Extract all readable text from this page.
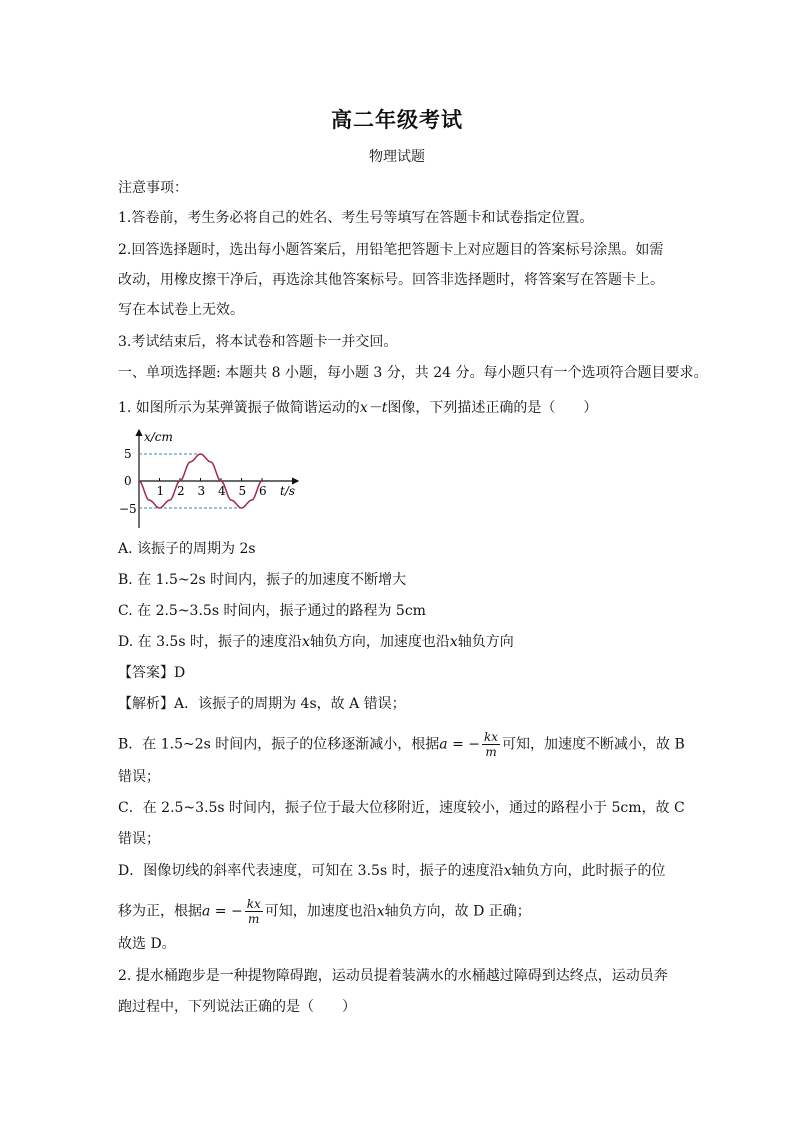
高二年级考试
物理试题
注意事项：
1.答卷前，考生务必将自己的姓名、考生号等填写在答题卡和试卷指定位置。
2.回答选择题时，选出每小题答案后，用铅笔把答题卡上对应题目的答案标号涂黑。如需
改动，用橡皮擦干净后，再选涂其他答案标号。回答非选择题时，将答案写在答题卡上。
写在本试卷上无效。
3.考试结束后，将本试卷和答题卡一并交回。
一、单项选择题: 本题共 8 小题，每小题 3 分，共 24 分。每小题只有一个选项符合题目要求。
1. 如图所示为某弹簧振子做简谐运动的x－t图像，下列描述正确的是（　　）
x/cm
t/s
5
0
−5
1 2 3 4 5 6
A. 该振子的周期为 2s
B. 在 1.5~2s 时间内，振子的加速度不断增大
C. 在 2.5~3.5s 时间内，振子通过的路程为 5cm
D. 在 3.5s 时，振子的速度沿x轴负方向，加速度也沿x轴负方向
【答案】D
【解析】A．该振子的周期为 4s，故 A 错误；
B．在 1.5~2s 时间内，振子的位移逐渐减小，根据a = − $\frac{kx}{m}$ 可知，加速度不断减小，故 B
错误；
C．在 2.5~3.5s 时间内，振子位于最大位移附近，速度较小，通过的路程小于 5cm，故 C
错误；
D．图像切线的斜率代表速度，可知在 3.5s 时，振子的速度沿x轴负方向，此时振子的位
移为正，根据a = − $\frac{kx}{m}$ 可知，加速度也沿x轴负方向，故 D 正确；
故选 D。
2. 提水桶跑步是一种提物障碍跑，运动员提着装满水的水桶越过障碍到达终点，运动员奔
跑过程中，下列说法正确的是（　　）
